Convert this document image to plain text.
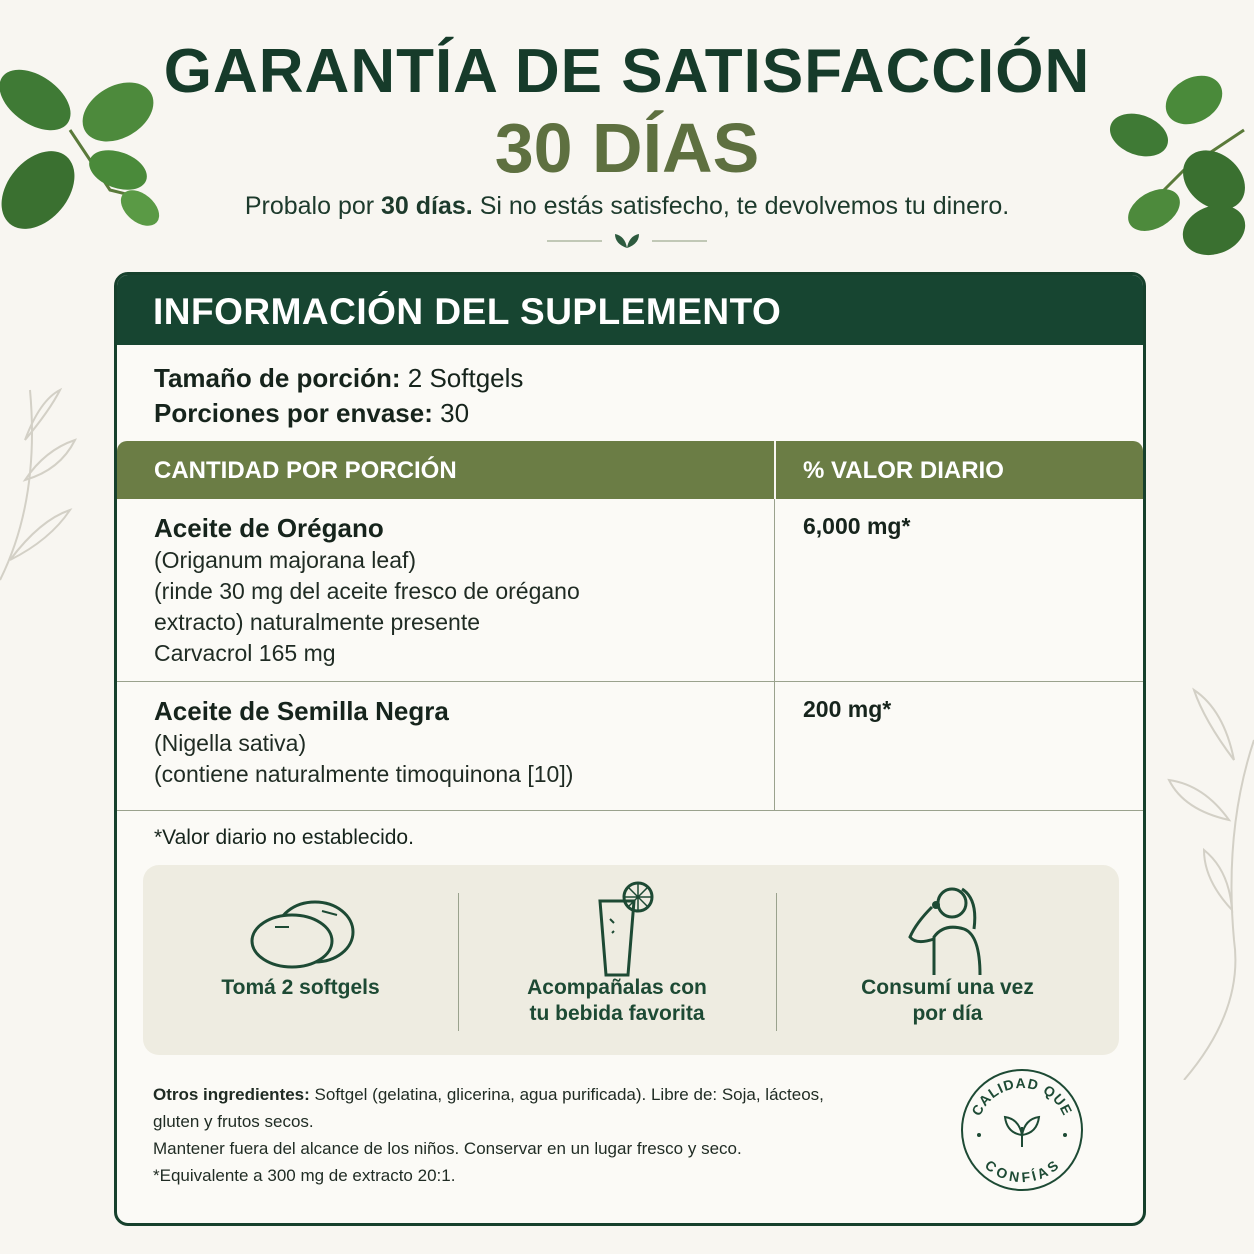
GARANTÍA DE SATISFACCIÓN
30 DÍAS
Probalo por 30 días. Si no estás satisfecho, te devolvemos tu dinero.
INFORMACIÓN DEL SUPLEMENTO
Tamaño de porción: 2 Softgels
Porciones por envase: 30
CANTIDAD POR PORCIÓN	% VALOR DIARIO
Aceite de Orégano
(Origanum majorana leaf)
(rinde 30 mg del aceite fresco de orégano
extracto) naturalmente presente
Carvacrol 165 mg
6,000 mg*
Aceite de Semilla Negra
(Nigella sativa)
(contiene naturalmente timoquinona [10])
200 mg*
*Valor diario no establecido.
Tomá 2 softgels	Acompañalas con
tu bebida favorita
Consumí una vez
por día
Otros ingredientes: Softgel (gelatina, glicerina, agua purificada). Libre de: Soja, lácteos,
gluten y frutos secos.
Mantener fuera del alcance de los niños. Conservar en un lugar fresco y seco.
*Equivalente a 300 mg de extracto 20:1.
CALIDAD QUE
CONFÍAS
